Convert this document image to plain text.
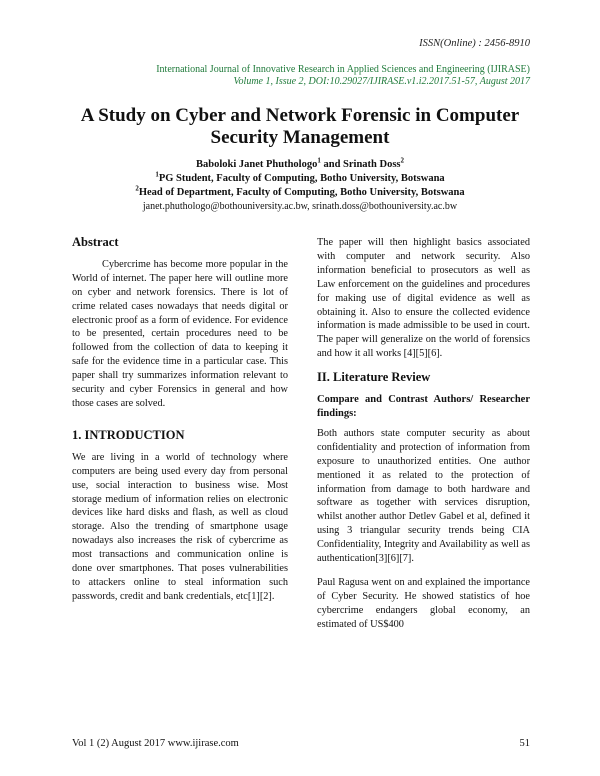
ISSN(Online) : 2456-8910
International Journal of Innovative Research in Applied Sciences and Engineering (IJIRASE)
Volume 1, Issue 2, DOI:10.29027/IJIRASE.v1.i2.2017.51-57, August 2017
A Study on Cyber and Network Forensic in Computer Security Management
Baboloki Janet Phuthologo$^1$ and Srinath Doss$^2$
$^1$PG Student, Faculty of Computing, Botho University, Botswana
$^2$Head of Department, Faculty of Computing, Botho University, Botswana
janet.phuthologo@bothouniversity.ac.bw, srinath.doss@bothouniversity.ac.bw
Abstract

Cybercrime has become more popular in the World of internet. The paper here will outline more on cyber and network forensics. There is lot of crime related cases nowadays that needs digital or electronic proof as a form of evidence. For evidence to be presented, certain procedures need to be followed from the collection of data to keeping it safe for the evidence time in a particular case. This paper shall try summarizes information relevant to security and cyber Forensics in general and how those cases are solved.

1. INTRODUCTION

We are living in a world of technology where computers are being used every day from personal use, social interaction to business wise. Most storage medium of information relies on electronic devices like hard disks and flash, as well as cloud storage. Also the trending of smartphone usage nowadays also increases the risk of cybercrime as most transactions and communication online is done over smartphones. That poses vulnerabilities to attackers online to steal information such passwords, credit and bank credentials, etc[1][2].

The paper will then highlight basics associated with computer and network security. Also information beneficial to prosecutors as well as Law enforcement on the guidelines and procedures for making use of digital evidence as well as obtaining it. Also to ensure the collected evidence information is made admissible to be used in court. The paper will generalize on the world of forensics and how it all works [4][5][6].

II. Literature Review
Compare and Contrast Authors/ Researcher findings:

Both authors state computer security as about confidentiality and protection of information from exposure to unauthorized entities. One author mentioned it as related to the protection of information from damage to both hardware and software as together with services disruption, whilst another author Detlev Gabel et al, defined it using 3 triangular security trends being CIA Confidentiality, Integrity and Availability as well as authentication[3][6][7].

Paul Ragusa went on and explained the importance of Cyber Security. He showed statistics of hoe cybercrime endangers global economy, an estimated of US$400

Vol 1 (2) August 2017 www.ijirase.com	51
